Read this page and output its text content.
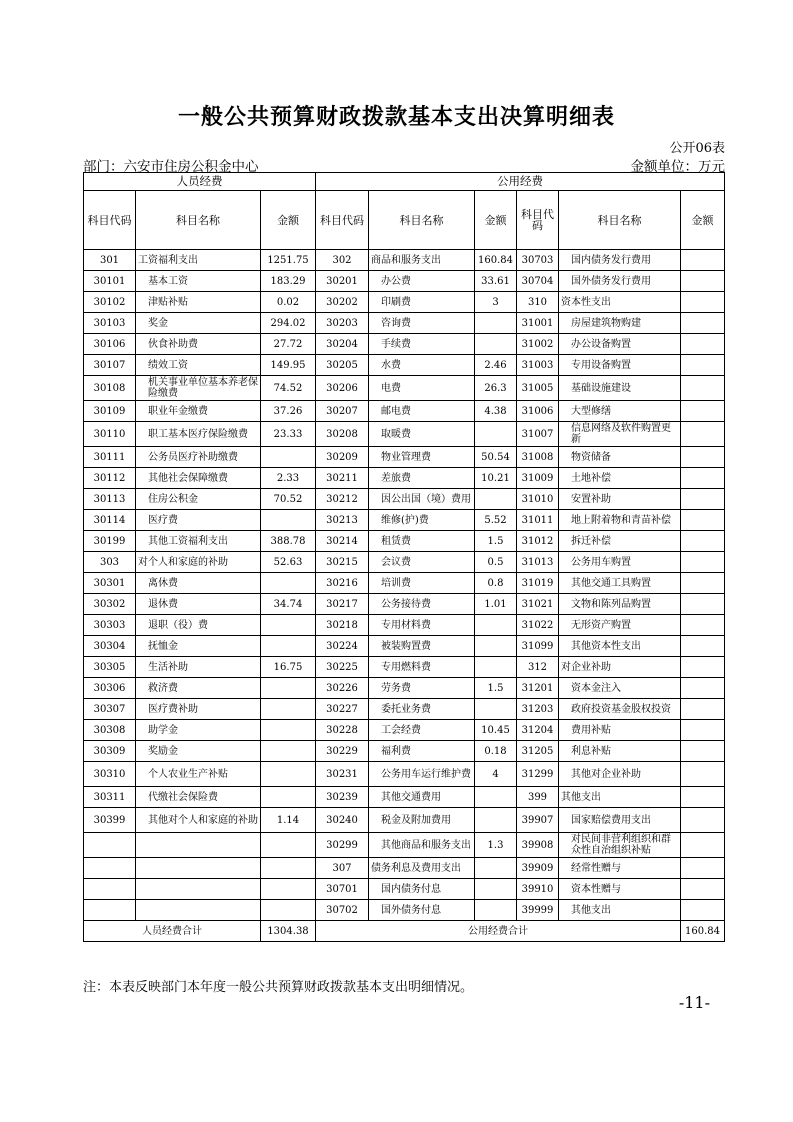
一般公共预算财政拨款基本支出决算明细表
公开06表
部门：六安市住房公积金中心	金额单位：万元
人员经费			公用经费					
科目代码	科目名称	金额	科目代码	科目名称	金额	科目代码	科目名称	金额
301	工资福利支出	1251.75	302	商品和服务支出	160.84	30703	国内债务发行费用	
30101	基本工资	183.29	30201	办公费	33.61	30704	国外债务发行费用	
30102	津贴补贴	0.02	30202	印刷费	3	310	资本性支出	
30103	奖金	294.02	30203	咨询费		31001	房屋建筑物购建	
30106	伙食补助费	27.72	30204	手续费		31002	办公设备购置	
30107	绩效工资	149.95	30205	水费	2.46	31003	专用设备购置	
30108	机关事业单位基本养老保险缴费	74.52	30206	电费	26.3	31005	基础设施建设	
30109	职业年金缴费	37.26	30207	邮电费	4.38	31006	大型修缮	
30110	职工基本医疗保险缴费	23.33	30208	取暖费		31007	信息网络及软件购置更新	
30111	公务员医疗补助缴费		30209	物业管理费	50.54	31008	物资储备	
30112	其他社会保障缴费	2.33	30211	差旅费	10.21	31009	土地补偿	
30113	住房公积金	70.52	30212	因公出国（境）费用		31010	安置补助	
30114	医疗费		30213	维修(护)费	5.52	31011	地上附着物和青苗补偿	
30199	其他工资福利支出	388.78	30214	租赁费	1.5	31012	拆迁补偿	
303	对个人和家庭的补助	52.63	30215	会议费	0.5	31013	公务用车购置	
30301	离休费		30216	培训费	0.8	31019	其他交通工具购置	
30302	退休费	34.74	30217	公务接待费	1.01	31021	文物和陈列品购置	
30303	退职（役）费		30218	专用材料费		31022	无形资产购置	
30304	抚恤金		30224	被装购置费		31099	其他资本性支出	
30305	生活补助	16.75	30225	专用燃料费		312	对企业补助	
30306	救济费		30226	劳务费	1.5	31201	资本金注入	
30307	医疗费补助		30227	委托业务费		31203	政府投资基金股权投资	
30308	助学金		30228	工会经费	10.45	31204	费用补贴	
30309	奖励金		30229	福利费	0.18	31205	利息补贴	
30310	个人农业生产补贴		30231	公务用车运行维护费	4	31299	其他对企业补助	
30311	代缴社会保险费		30239	其他交通费用		399	其他支出	
30399	其他对个人和家庭的补助	1.14	30240	税金及附加费用		39907	国家赔偿费用支出	
			30299	其他商品和服务支出	1.3	39908	对民间非营利组织和群众性自治组织补贴	
			307	债务利息及费用支出		39909	经常性赠与	
			30701	国内债务付息		39910	资本性赠与	
			30702	国外债务付息		39999	其他支出	
人员经费合计		1304.38	公用经费合计					160.84
注：本表反映部门本年度一般公共预算财政拨款基本支出明细情况。
-11-
